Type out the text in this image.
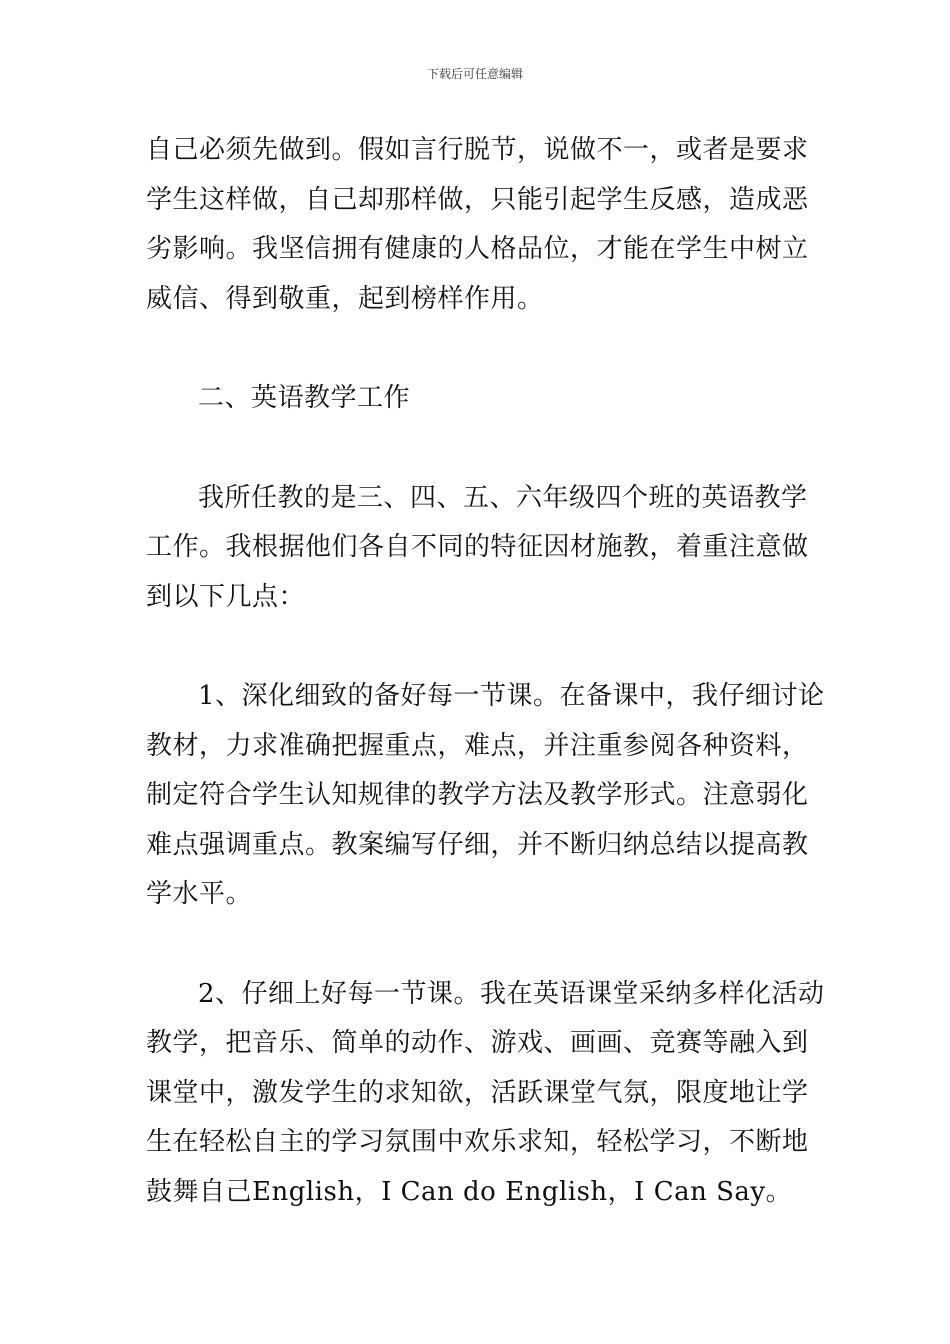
下载后可任意编辑

自己必须先做到。假如言行脱节，说做不一，或者是要求
学生这样做，自己却那样做，只能引起学生反感，造成恶
劣影响。我坚信拥有健康的人格品位，才能在学生中树立
威信、得到敬重，起到榜样作用。

二、英语教学工作

我所任教的是三、四、五、六年级四个班的英语教学
工作。我根据他们各自不同的特征因材施教，着重注意做
到以下几点：

1、深化细致的备好每一节课。在备课中，我仔细讨论
教材，力求准确把握重点，难点，并注重参阅各种资料，
制定符合学生认知规律的教学方法及教学形式。注意弱化
难点强调重点。教案编写仔细，并不断归纳总结以提高教
学水平。

2、仔细上好每一节课。我在英语课堂采纳多样化活动
教学，把音乐、简单的动作、游戏、画画、竞赛等融入到
课堂中，激发学生的求知欲，活跃课堂气氛，限度地让学
生在轻松自主的学习氛围中欢乐求知，轻松学习，不断地
鼓舞自己English，I Can do English，I Can Say。
